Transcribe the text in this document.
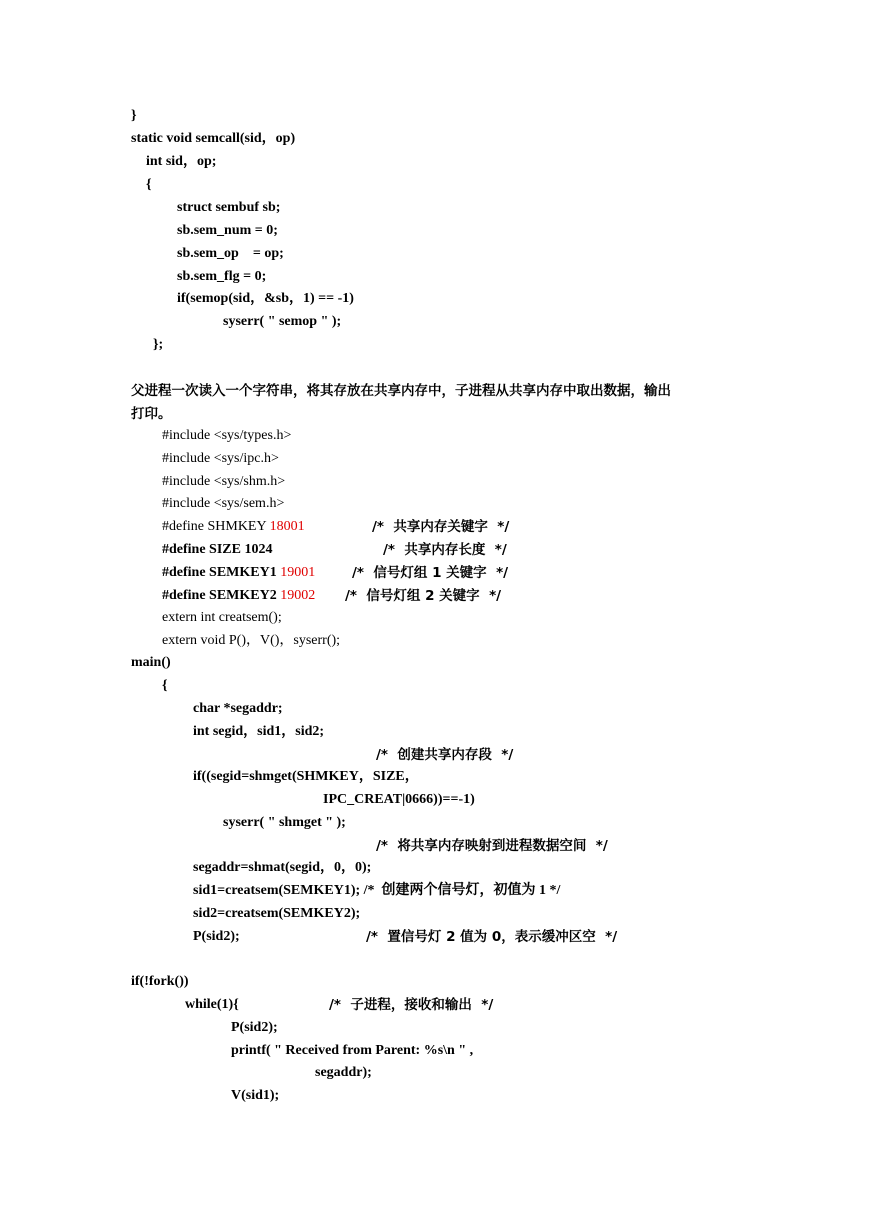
}
static void semcall(sid，op)
int sid，op;
{
struct sembuf sb;
sb.sem_num = 0;
sb.sem_op    = op;
sb.sem_flg = 0;
if(semop(sid，&sb，1) == -1)
syserr( " semop " );
};
父进程一次读入一个字符串，将其存放在共享内存中，子进程从共享内存中取出数据，输出
打印。
#include <sys/types.h>
#include <sys/ipc.h>
#include <sys/shm.h>
#include <sys/sem.h>
#define SHMKEY 18001	/*  共享内存关键字  */
#define SIZE 1024	/*  共享内存长度  */
#define SEMKEY1 19001	/*  信号灯组 1 关键字  */
#define SEMKEY2 19002 /*  信号灯组 2 关键字  */
extern int creatsem();
extern void P()，V()，syserr();
main()
{
char *segaddr;
int segid，sid1，sid2;
/*  创建共享内存段  */
if((segid=shmget(SHMKEY，SIZE，
IPC_CREAT|0666))==-1)
syserr( " shmget " );
/*  将共享内存映射到进程数据空间  */
segaddr=shmat(segid，0，0);
sid1=creatsem(SEMKEY1); /*  创建两个信号灯，初值为 1 */
sid2=creatsem(SEMKEY2);
P(sid2);	/*  置信号灯 2 值为 0，表示缓冲区空  */
if(!fork())
while(1){	/*  子进程，接收和输出  */
P(sid2);
printf( " Received from Parent: %s\n " ,
segaddr);
V(sid1);
